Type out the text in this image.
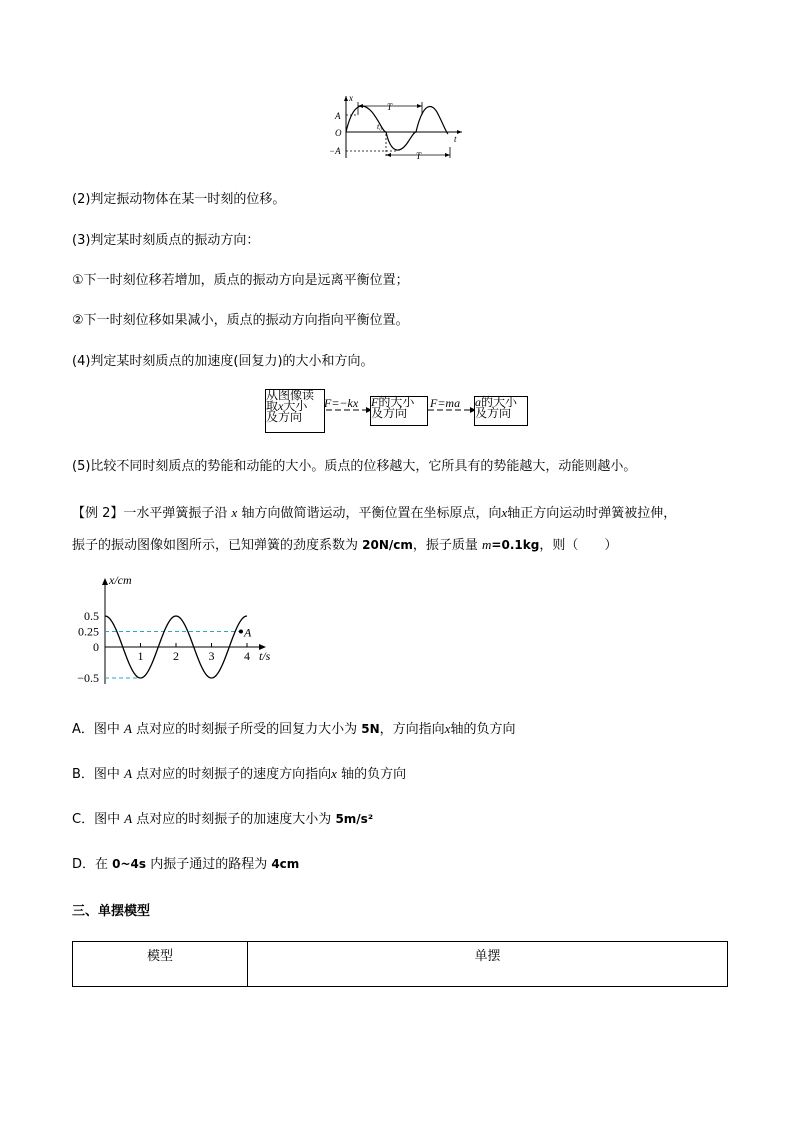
x
A
O
−A
T
t₀
T
t
(2)判定振动物体在某一时刻的位移。
(3)判定某时刻质点的振动方向：
①下一时刻位移若增加，质点的振动方向是远离平衡位置；
②下一时刻位移如果减小，质点的振动方向指向平衡位置。
(4)判定某时刻质点的加速度(回复力)的大小和方向。
从图像读
取x大小
及方向
F=−kx F的大小
及方向
F=ma a的大小
及方向
(5)比较不同时刻质点的势能和动能的大小。质点的位移越大，它所具有的势能越大，动能则越小。
【例 2】一水平弹簧振子沿 x 轴方向做简谐运动，平衡位置在坐标原点，向x轴正方向运动时弹簧被拉伸，
振子的振动图像如图所示，已知弹簧的劲度系数为 20N/cm，振子质量 m=0.1kg，则（　　）
1 2 3 4
0.5
0.25
0
−0.5
x/cm
t/s
A
A．图中 A 点对应的时刻振子所受的回复力大小为 5N，方向指向x轴的负方向
B．图中 A 点对应的时刻振子的速度方向指向x 轴的负方向
C．图中 A 点对应的时刻振子的加速度大小为 5m/s²
D．在 0~4s 内振子通过的路程为 4cm
三、单摆模型
模型	单摆
